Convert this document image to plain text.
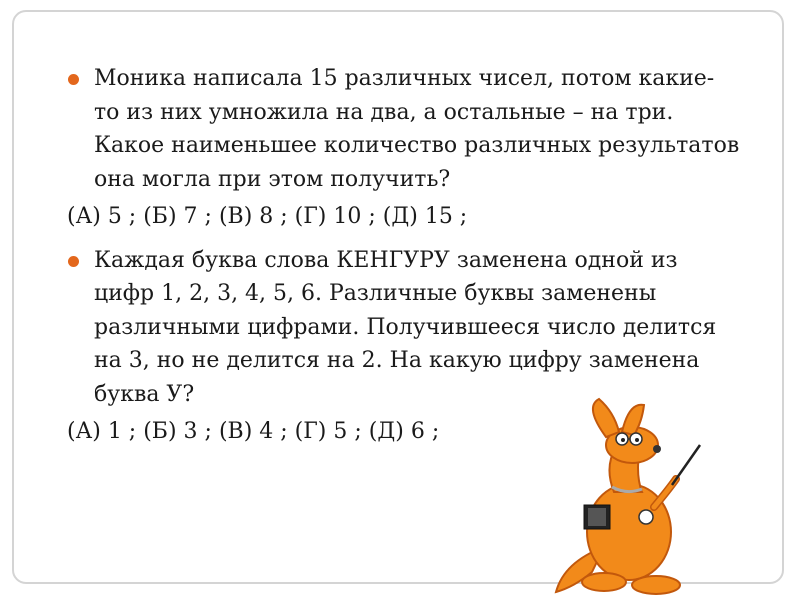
Моника написала 15 различных чисел, потом какие-
то из них умножила на два, а остальные – на три.
Какое наименьшее количество различных результатов
она могла при этом получить?
(А) 5 ; (Б) 7 ; (В) 8 ; (Г) 10 ; (Д) 15 ;
Каждая буква слова КЕНГУРУ заменена одной из
цифр 1, 2, 3, 4, 5, 6. Различные буквы заменены
различными цифрами. Получившееся число делится
на 3, но не делится на 2. На какую цифру заменена
буква У?
(А) 1 ; (Б) 3 ; (В) 4 ; (Г) 5 ; (Д) 6 ;
